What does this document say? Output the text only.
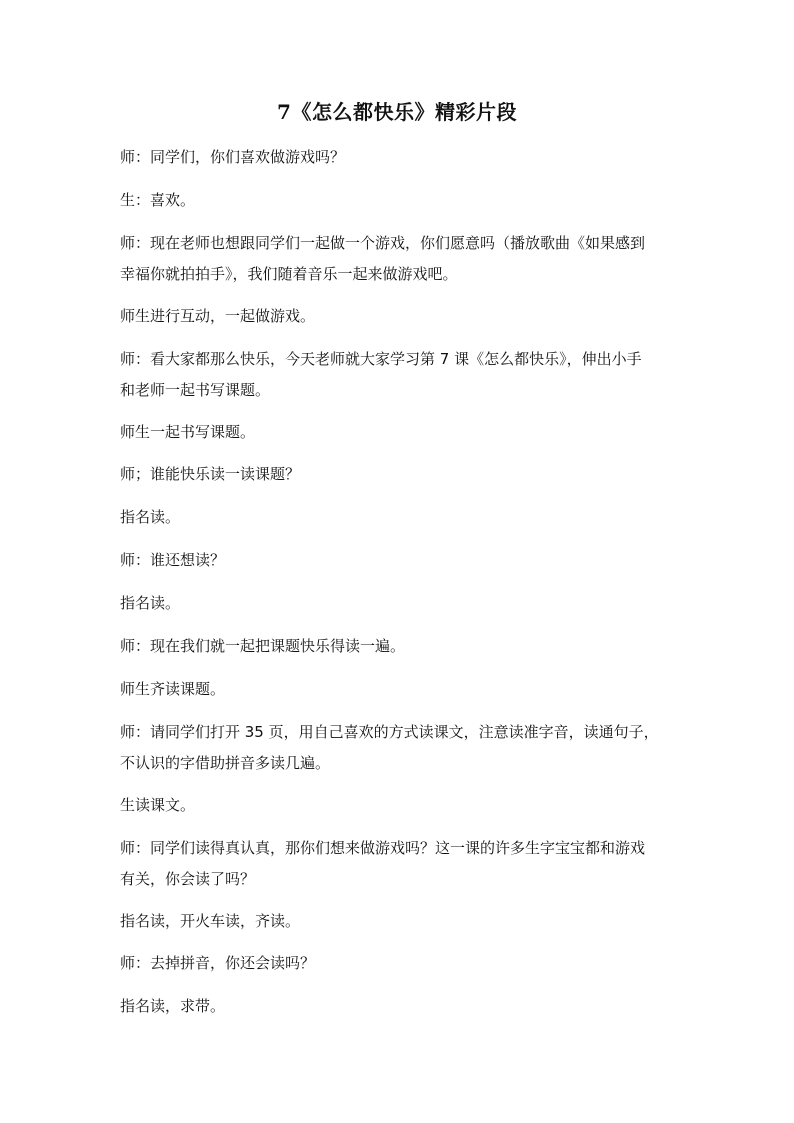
7《怎么都快乐》精彩片段
师：同学们，你们喜欢做游戏吗？
生：喜欢。
师：现在老师也想跟同学们一起做一个游戏，你们愿意吗（播放歌曲《如果感到
幸福你就拍拍手》，我们随着音乐一起来做游戏吧。
师生进行互动，一起做游戏。
师：看大家都那么快乐，今天老师就大家学习第 7 课《怎么都快乐》，伸出小手
和老师一起书写课题。
师生一起书写课题。
师；谁能快乐读一读课题？
指名读。
师：谁还想读？
指名读。
师：现在我们就一起把课题快乐得读一遍。
师生齐读课题。
师：请同学们打开 35 页，用自己喜欢的方式读课文，注意读准字音，读通句子，
不认识的字借助拼音多读几遍。
生读课文。
师：同学们读得真认真，那你们想来做游戏吗？这一课的许多生字宝宝都和游戏
有关，你会读了吗？
指名读，开火车读，齐读。
师：去掉拼音，你还会读吗？
指名读，求带。
